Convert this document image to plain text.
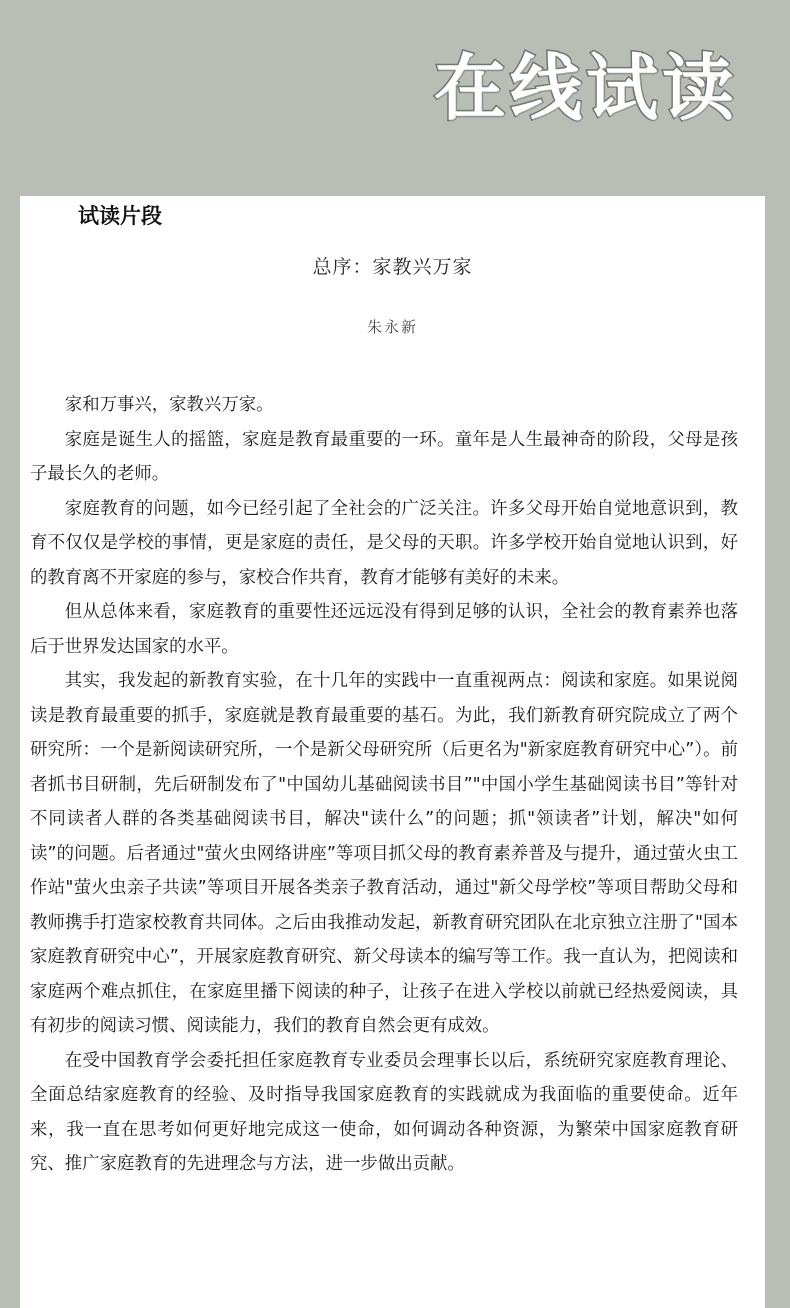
在线试读
试读片段
总序：家教兴万家
朱永新

家和万事兴，家教兴万家。

家庭是诞生人的摇篮，家庭是教育最重要的一环。童年是人生最神奇的阶段，父母是孩子最长久的老师。

家庭教育的问题，如今已经引起了全社会的广泛关注。许多父母开始自觉地意识到，教育不仅仅是学校的事情，更是家庭的责任，是父母的天职。许多学校开始自觉地认识到，好的教育离不开家庭的参与，家校合作共育，教育才能够有美好的未来。

但从总体来看，家庭教育的重要性还远远没有得到足够的认识，全社会的教育素养也落后于世界发达国家的水平。

其实，我发起的新教育实验，在十几年的实践中一直重视两点：阅读和家庭。如果说阅读是教育最重要的抓手，家庭就是教育最重要的基石。为此，我们新教育研究院成立了两个研究所：一个是新阅读研究所，一个是新父母研究所（后更名为"新家庭教育研究中心”）。前者抓书目研制，先后研制发布了"中国幼儿基础阅读书目”"中国小学生基础阅读书目”等针对不同读者人群的各类基础阅读书目，解决"读什么”的问题；抓"领读者”计划，解决"如何读”的问题。后者通过"萤火虫网络讲座”等项目抓父母的教育素养普及与提升，通过萤火虫工作站"萤火虫亲子共读”等项目开展各类亲子教育活动，通过"新父母学校”等项目帮助父母和教师携手打造家校教育共同体。之后由我推动发起，新教育研究团队在北京独立注册了"国本家庭教育研究中心”，开展家庭教育研究、新父母读本的编写等工作。我一直认为，把阅读和家庭两个难点抓住，在家庭里播下阅读的种子，让孩子在进入学校以前就已经热爱阅读，具有初步的阅读习惯、阅读能力，我们的教育自然会更有成效。

在受中国教育学会委托担任家庭教育专业委员会理事长以后，系统研究家庭教育理论、全面总结家庭教育的经验、及时指导我国家庭教育的实践就成为我面临的重要使命。近年来，我一直在思考如何更好地完成这一使命，如何调动各种资源，为繁荣中国家庭教育研究、推广家庭教育的先进理念与方法，进一步做出贡献。
